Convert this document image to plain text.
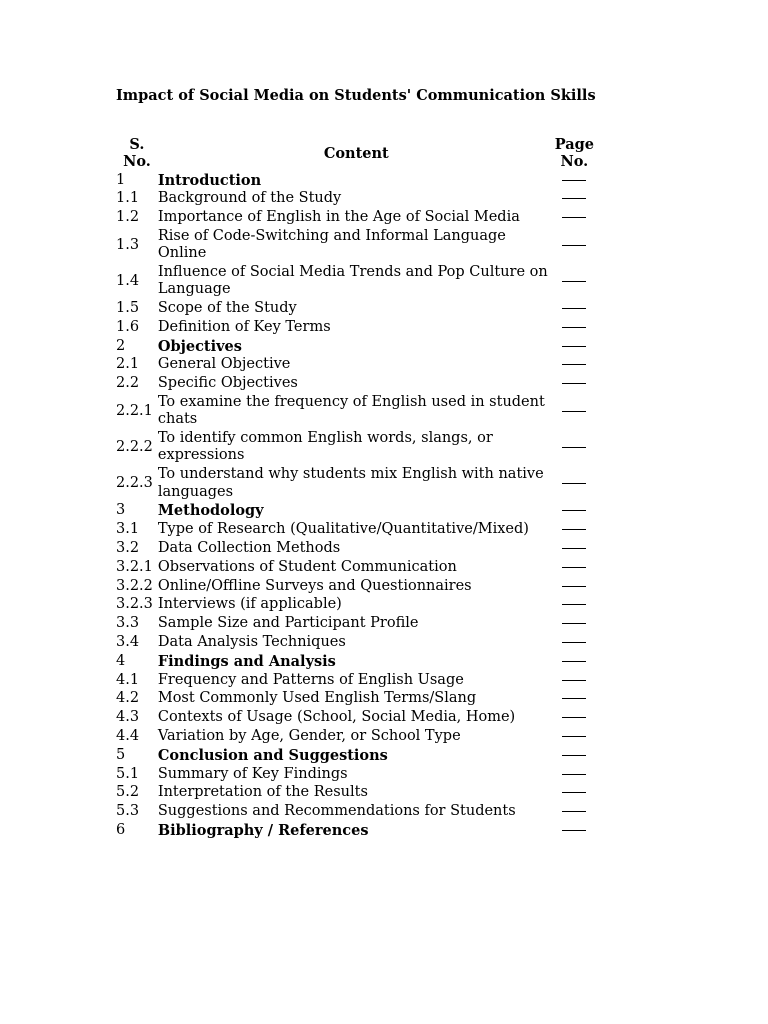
Impact of Social Media on Students' Communication Skills
S. No.	Content	Page No.
1	Introduction	
1.1	Background of the Study	
1.2	Importance of English in the Age of Social Media	
1.3	Rise of Code-Switching and Informal Language Online	
1.4	Influence of Social Media Trends and Pop Culture on Language	
1.5	Scope of the Study	
1.6	Definition of Key Terms	
2	Objectives	
2.1	General Objective	
2.2	Specific Objectives	
2.2.1	To examine the frequency of English used in student chats	
2.2.2	To identify common English words, slangs, or expressions	
2.2.3	To understand why students mix English with native languages	
3	Methodology	
3.1	Type of Research (Qualitative/Quantitative/Mixed)	
3.2	Data Collection Methods	
3.2.1	Observations of Student Communication	
3.2.2	Online/Offline Surveys and Questionnaires	
3.2.3	Interviews (if applicable)	
3.3	Sample Size and Participant Profile	
3.4	Data Analysis Techniques	
4	Findings and Analysis	
4.1	Frequency and Patterns of English Usage	
4.2	Most Commonly Used English Terms/Slang	
4.3	Contexts of Usage (School, Social Media, Home)	
4.4	Variation by Age, Gender, or School Type	
5	Conclusion and Suggestions	
5.1	Summary of Key Findings	
5.2	Interpretation of the Results	
5.3	Suggestions and Recommendations for Students	
6	Bibliography / References	
